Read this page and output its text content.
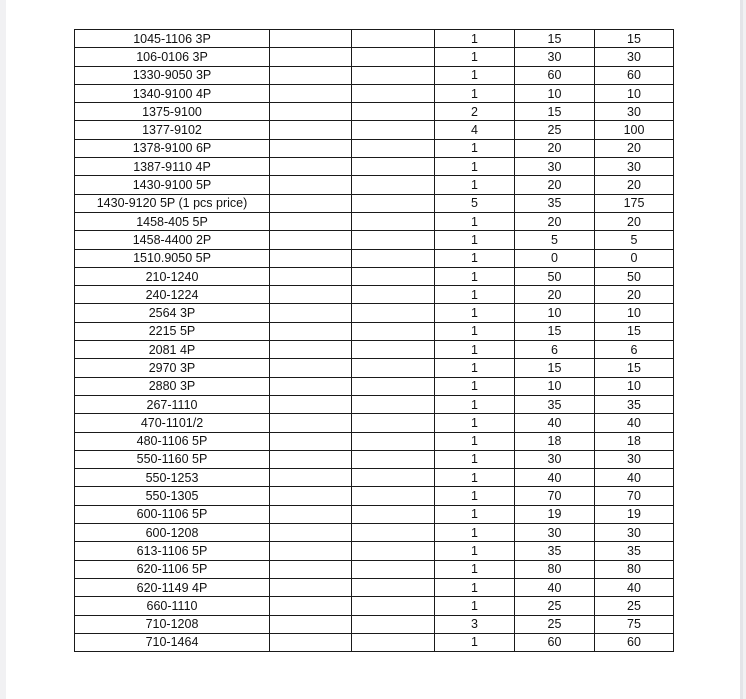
1045-1106 3P			1	15	15
106-0106 3P			1	30	30
1330-9050 3P			1	60	60
1340-9100 4P			1	10	10
1375-9100			2	15	30
1377-9102			4	25	100
1378-9100 6P			1	20	20
1387-9110 4P			1	30	30
1430-9100 5P			1	20	20
1430-9120 5P (1 pcs price)			5	35	175
1458-405 5P			1	20	20
1458-4400 2P			1	5	5
1510.9050 5P			1	0	0
210-1240			1	50	50
240-1224			1	20	20
2564 3P			1	10	10
2215 5P			1	15	15
2081 4P			1	6	6
2970 3P			1	15	15
2880 3P			1	10	10
267-1110			1	35	35
470-1101/2			1	40	40
480-1106 5P			1	18	18
550-1160 5P			1	30	30
550-1253			1	40	40
550-1305			1	70	70
600-1106 5P			1	19	19
600-1208			1	30	30
613-1106 5P			1	35	35
620-1106 5P			1	80	80
620-1149 4P			1	40	40
660-1110			1	25	25
710-1208			3	25	75
710-1464			1	60	60
